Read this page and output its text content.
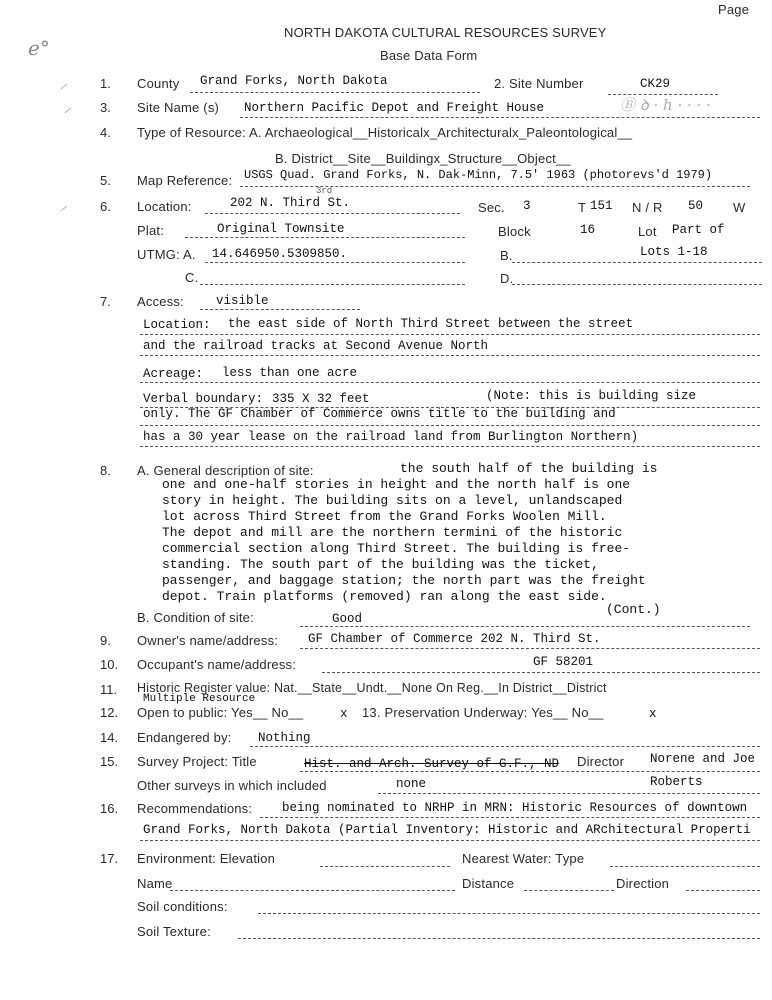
Page
NORTH DAKOTA CULTURAL RESOURCES SURVEY
Base Data Form
e°
⸝
⸝
⸝
1. County Grand Forks, North Dakota	2. Site Number	CK29
3. Site Name (s) Northern Pacific Depot and Freight House	Ⓑ ꝺ · h · · · ·
4. Type of Resource: A. Archaeological__Historicalx_Architecturalx_Paleontological__
B. District__Site__Buildingx_Structure__Object__
5. Map Reference: USGS Quad. Grand Forks, N. Dak-Minn, 7.5' 1963 (photorevs'd 1979)
6. Location:	202 N. Third St.
3rd
Sec. 3	T 151 N / R 50 W
Plat:	Original Townsite	Block	16	Lot Part of
UTMG: A. 14.646950.5309850.	B.	Lots 1-18
C.	D.
7. Access:	visible
Location: the east side of North Third Street between the street
and the railroad tracks at Second Avenue North
Acreage: less than one acre
Verbal boundary: 335 X 32 feet	(Note: this is building size
only. The GF Chamber of Commerce owns title to the building and
has a 30 year lease on the railroad land from Burlington Northern)
8. A. General description of site:	the south half of the building is
one and one-half stories in height and the north half is one
story in height. The building sits on a level, unlandscaped
lot across Third Street from the Grand Forks Woolen Mill.
The depot and mill are the northern termini of the historic
commercial section along Third Street. The building is free-
standing. The south part of the building was the ticket,
passenger, and baggage station; the north part was the freight
depot. Train platforms (removed) ran along the east side.
(Cont.)
B. Condition of site:	Good
9. Owner's name/address: GF Chamber of Commerce 202 N. Third St.
10. Occupant's name/address:	GF 58201
11. Historic Register value: Nat.__State__Undt.__None On Reg.__In District__District
Multiple Resource
12. Open to public: Yes__ No__	x 13. Preservation Underway: Yes__ No__	x
14. Endangered by: Nothing
15. Survey Project: Title	Hist. and Arch. Survey of G.F., ND Director Norene and Joe
Other surveys in which included	none	Roberts
16. Recommendations: being nominated to NRHP in MRN: Historic Resources of downtown
Grand Forks, North Dakota (Partial Inventory: Historic and ARchitectural Properti
17. Environment: Elevation	Nearest Water: Type
Name	Distance	Direction
Soil conditions:
Soil Texture:
